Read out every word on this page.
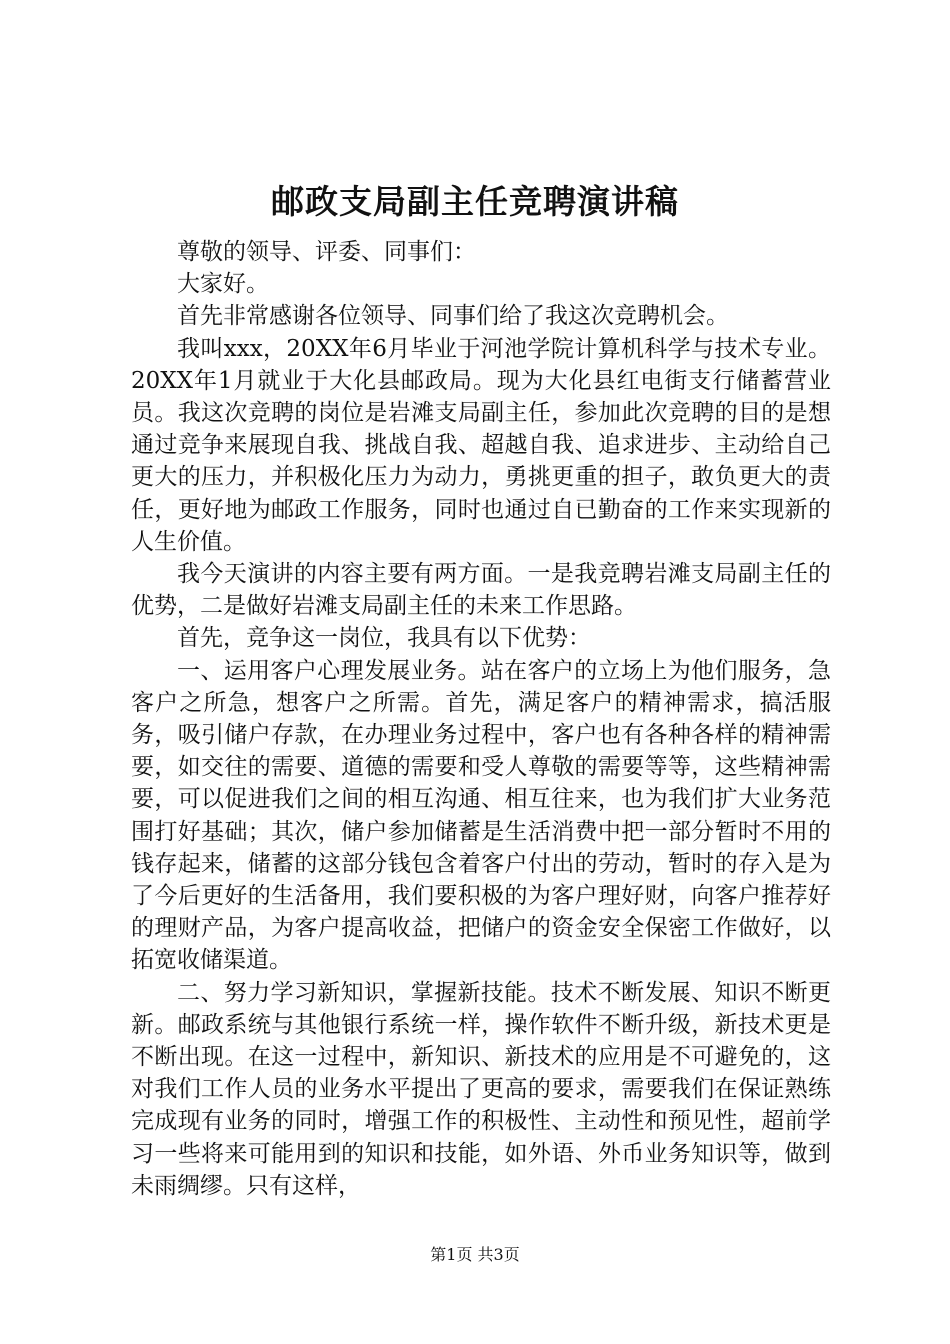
邮政支局副主任竞聘演讲稿

尊敬的领导、评委、同事们：

大家好。

首先非常感谢各位领导、同事们给了我这次竞聘机会。

我叫xxx，20XX年6月毕业于河池学院计算机科学与技术专业。20XX年1月就业于大化县邮政局。现为大化县红电街支行储蓄营业员。我这次竞聘的岗位是岩滩支局副主任，参加此次竞聘的目的是想通过竞争来展现自我、挑战自我、超越自我、追求进步、主动给自己更大的压力，并积极化压力为动力，勇挑更重的担子，敢负更大的责任，更好地为邮政工作服务，同时也通过自已勤奋的工作来实现新的人生价值。

我今天演讲的内容主要有两方面。一是我竞聘岩滩支局副主任的优势，二是做好岩滩支局副主任的未来工作思路。

首先，竞争这一岗位，我具有以下优势：

一、运用客户心理发展业务。站在客户的立场上为他们服务，急客户之所急，想客户之所需。首先，满足客户的精神需求，搞活服务，吸引储户存款，在办理业务过程中，客户也有各种各样的精神需要，如交往的需要、道德的需要和受人尊敬的需要等等，这些精神需要，可以促进我们之间的相互沟通、相互往来，也为我们扩大业务范围打好基础；其次，储户参加储蓄是生活消费中把一部分暂时不用的钱存起来，储蓄的这部分钱包含着客户付出的劳动，暂时的存入是为了今后更好的生活备用，我们要积极的为客户理好财，向客户推荐好的理财产品，为客户提高收益，把储户的资金安全保密工作做好，以拓宽收储渠道。

二、努力学习新知识，掌握新技能。技术不断发展、知识不断更新。邮政系统与其他银行系统一样，操作软件不断升级，新技术更是不断出现。在这一过程中，新知识、新技术的应用是不可避免的，这对我们工作人员的业务水平提出了更高的要求，需要我们在保证熟练完成现有业务的同时，增强工作的积极性、主动性和预见性，超前学习一些将来可能用到的知识和技能，如外语、外币业务知识等，做到未雨绸缪。只有这样，

第1页 共3页
